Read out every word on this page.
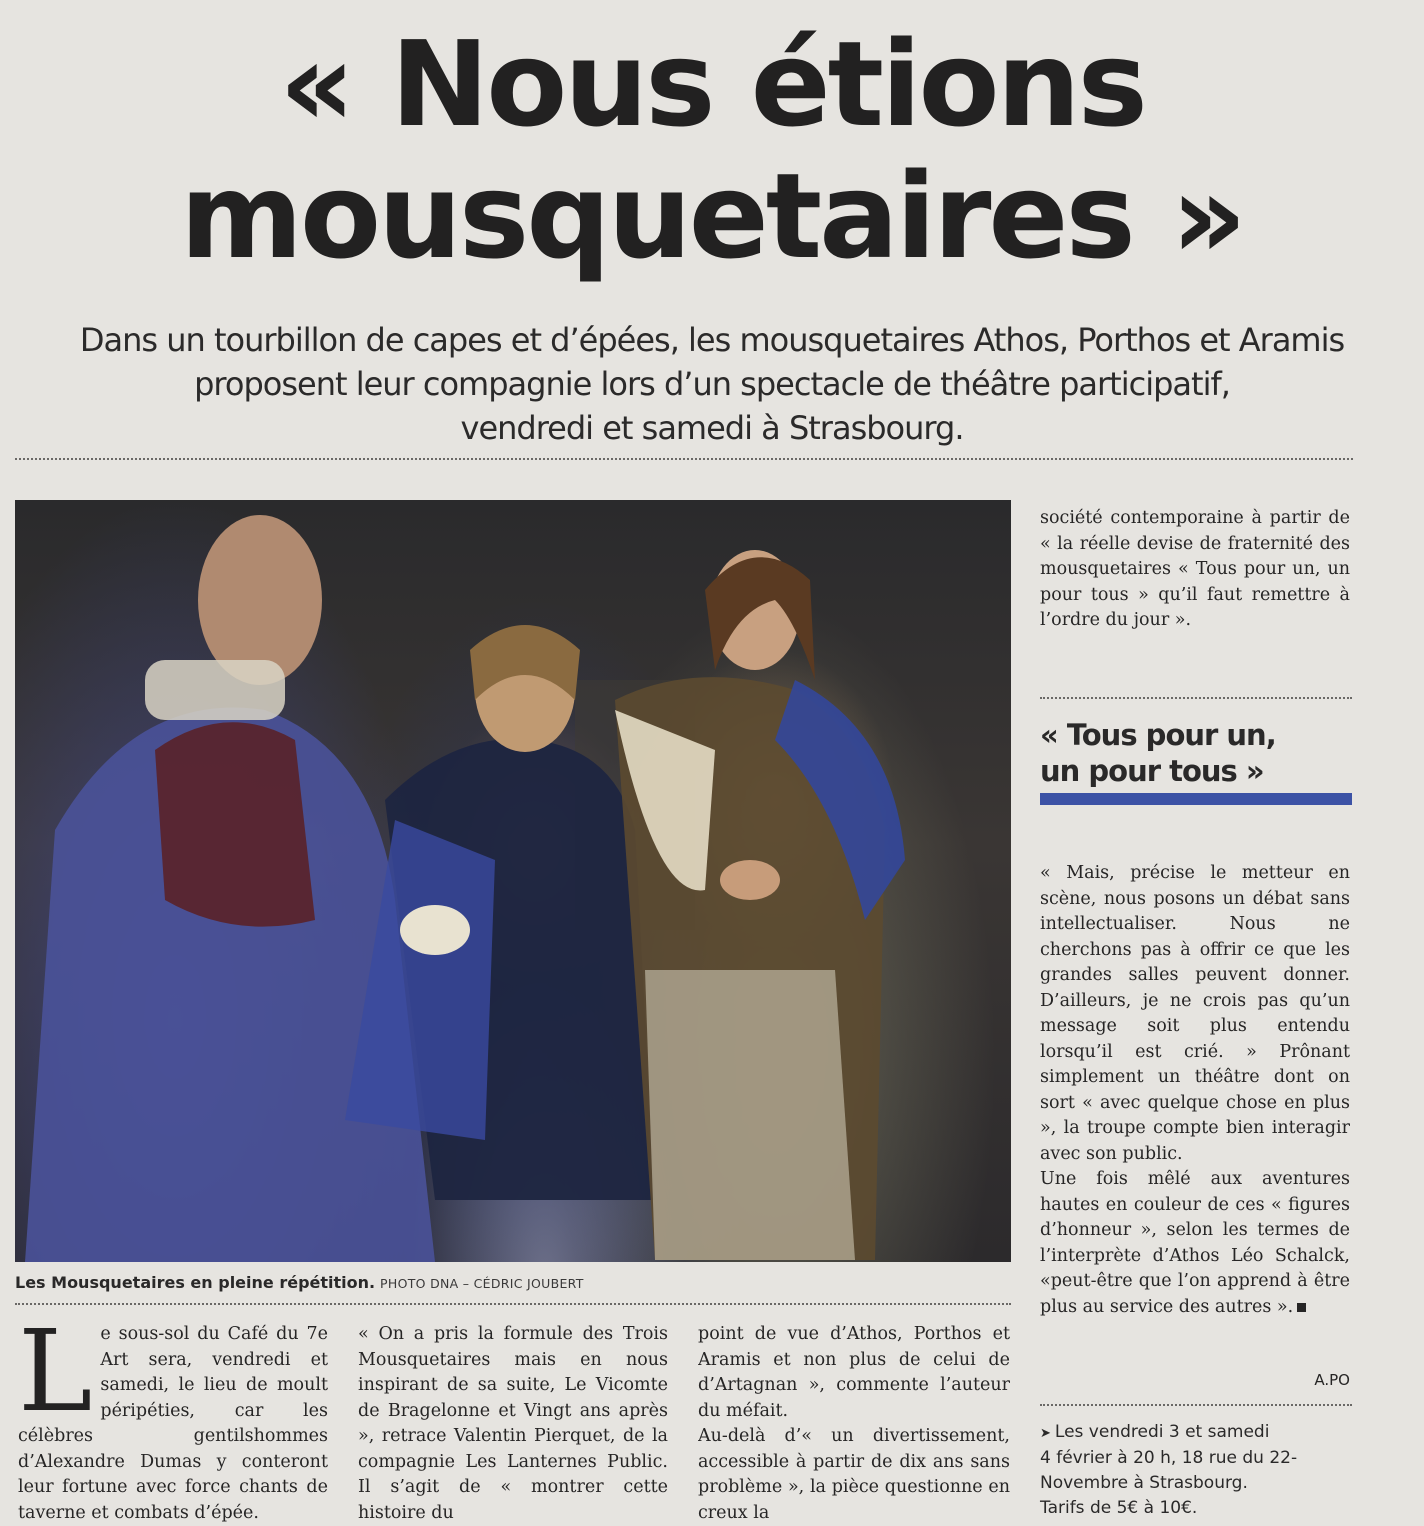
« Nous étions
mousquetaires »

Dans un tourbillon de capes et d’épées, les mousquetaires Athos, Porthos et Aramis
proposent leur compagnie lors d’un spectacle de théâtre participatif,
vendredi et samedi à Strasbourg.

Les Mousquetaires en pleine répétition. PHOTO DNA – CÉDRIC JOUBERT

L e sous-sol du Café du 7e Art sera, vendredi et samedi, le lieu de moult péripéties, car les célèbres gentilshommes d’Alexandre Dumas y conteront leur fortune avec force chants de taverne et combats d’épée.

« On a pris la formule des Trois Mousquetaires mais en nous inspirant de sa suite, Le Vicomte de Bragelonne et Vingt ans après », retrace Valentin Pierquet, de la compagnie Les Lanternes Public. Il s’agit de « montrer cette histoire du

point de vue d’Athos, Porthos et Aramis et non plus de celui de d’Artagnan », commente l’auteur du méfait.

Au-delà d’« un divertissement, accessible à partir de dix ans sans problème », la pièce questionne en creux la

société contemporaine à partir de « la réelle devise de fraternité des mousquetaires « Tous pour un, un pour tous » qu’il faut remettre à l’ordre du jour ».

« Tous pour un,
un pour tous »

« Mais, précise le metteur en scène, nous posons un débat sans intellectualiser. Nous ne cherchons pas à offrir ce que les grandes salles peuvent donner. D’ailleurs, je ne crois pas qu’un message soit plus entendu lorsqu’il est crié. » Prônant simplement un théâtre dont on sort « avec quelque chose en plus », la troupe compte bien interagir avec son public.

Une fois mêlé aux aventures hautes en couleur de ces « figures d’honneur », selon les termes de l’interprète d’Athos Léo Schalck, «peut-être que l’on apprend à être plus au service des autres ».

A.PO

➤ Les vendredi 3 et samedi

4 février à 20 h, 18 rue du 22-

Novembre à Strasbourg.

Tarifs de 5€ à 10€.
